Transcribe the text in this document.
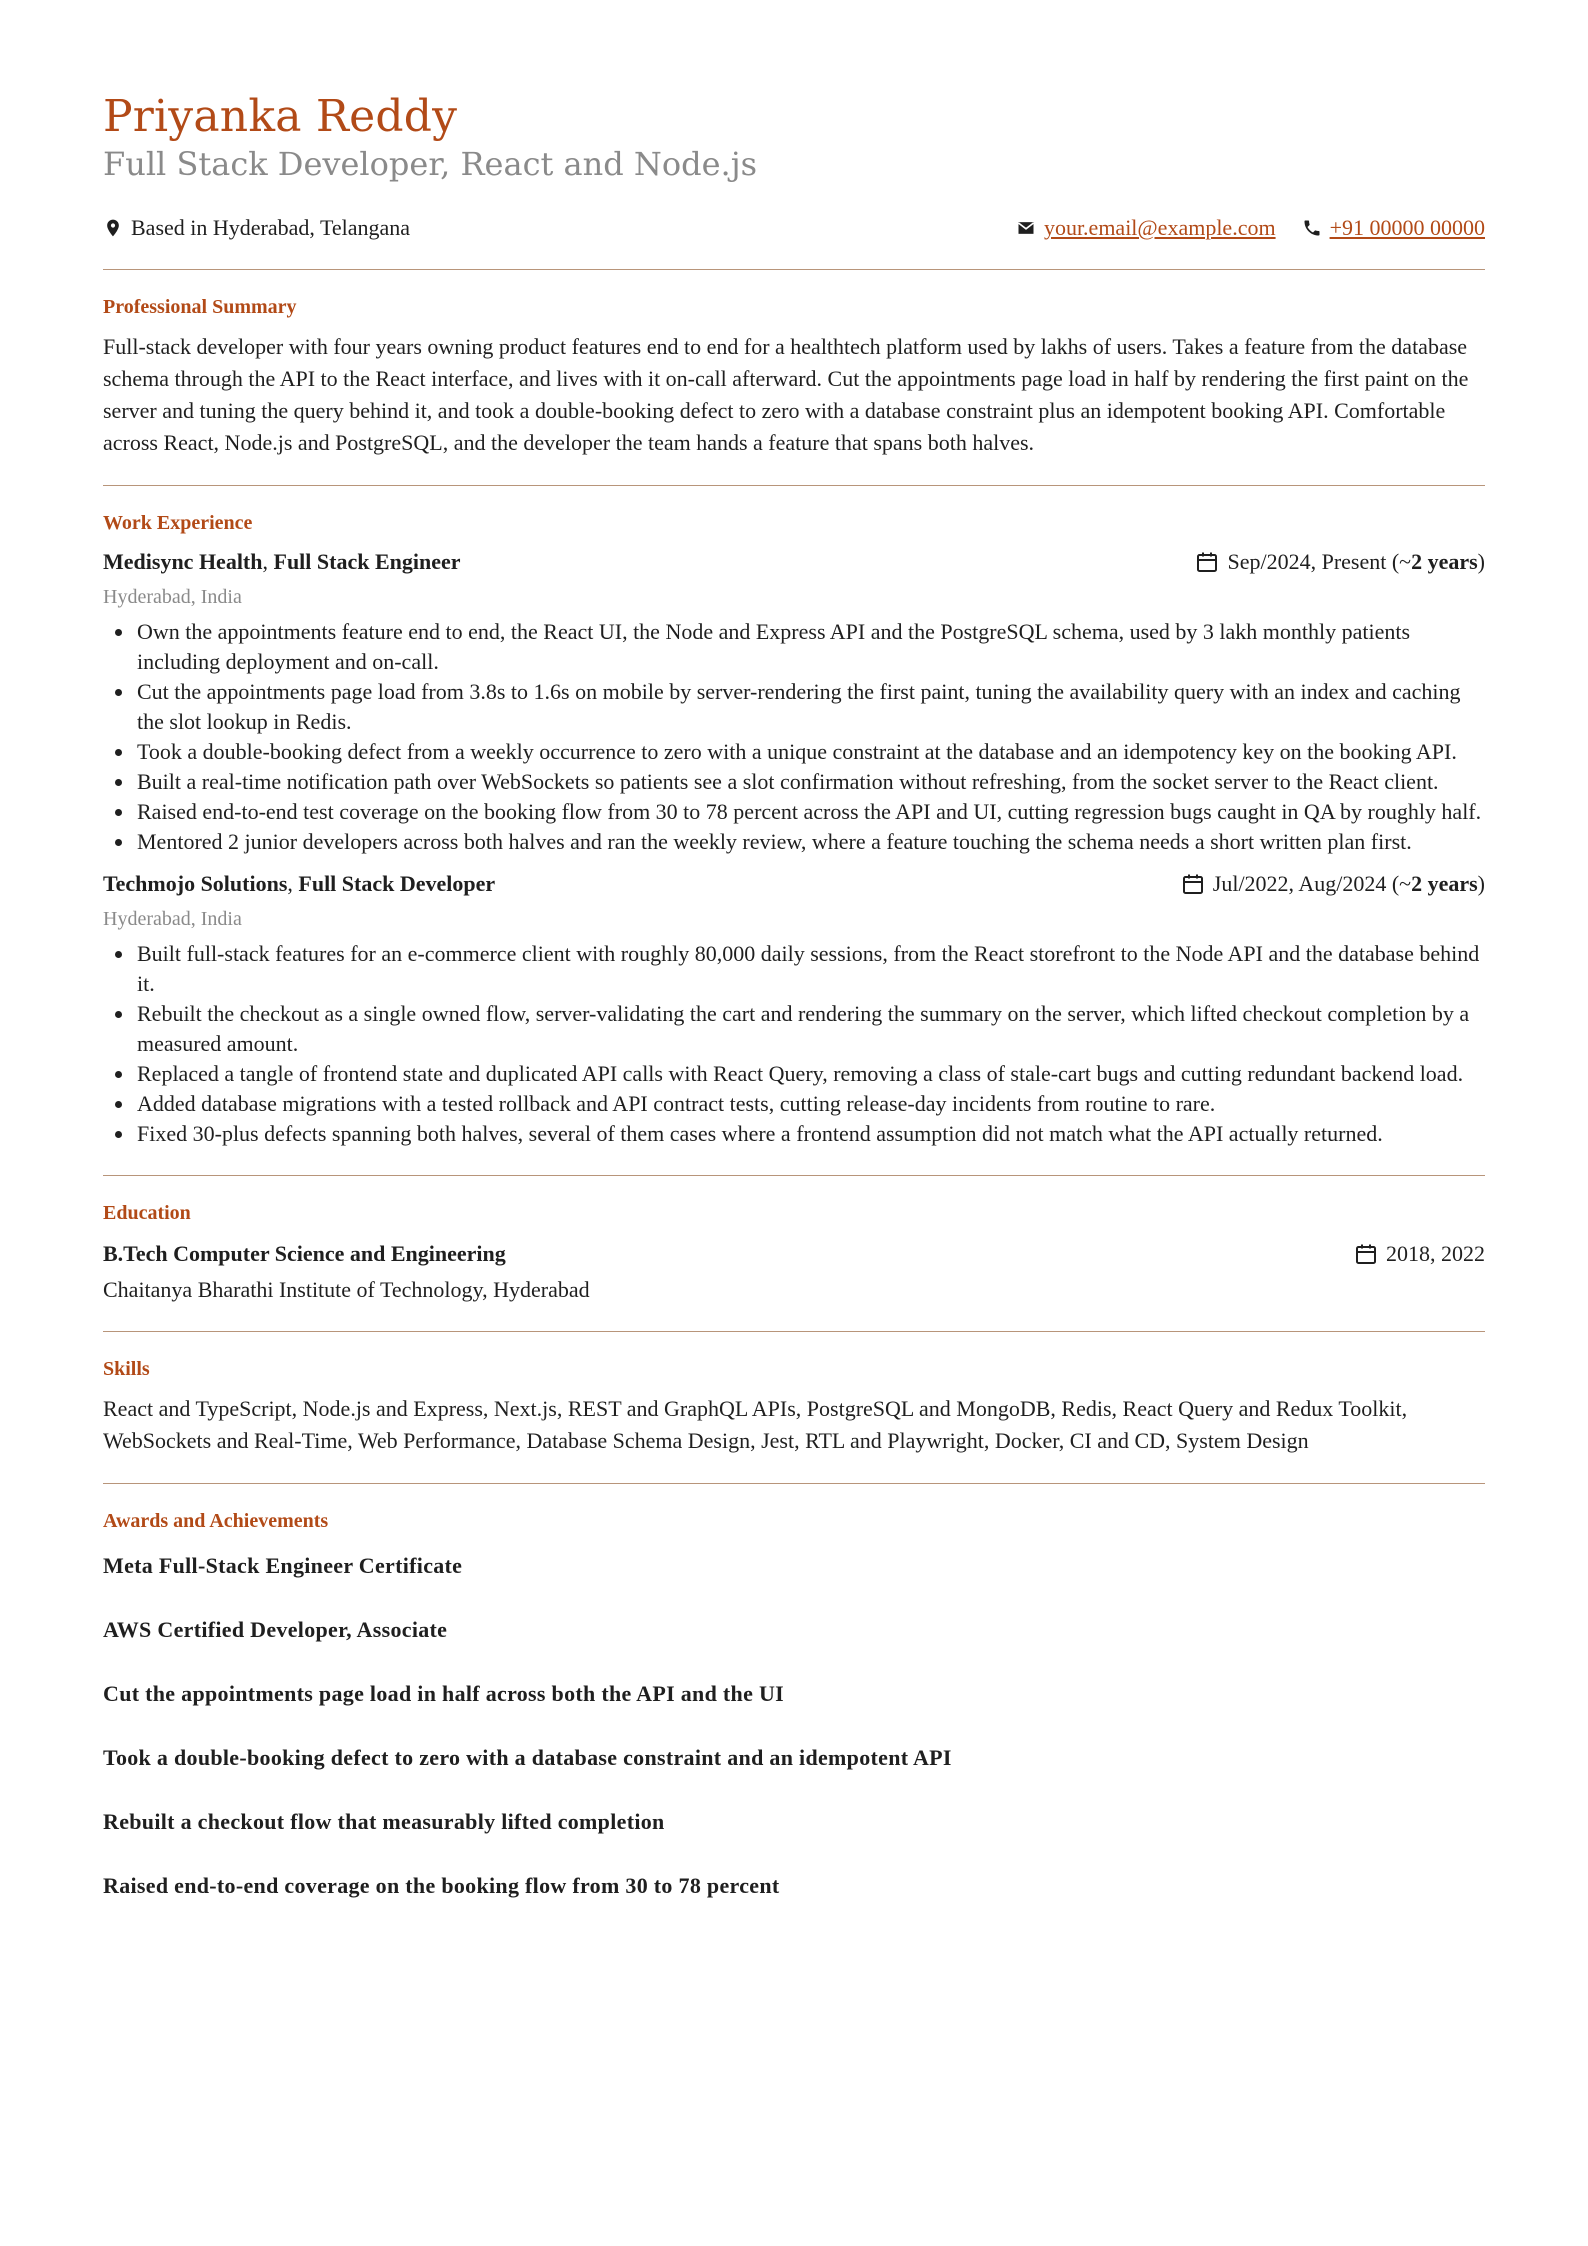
Priyanka Reddy
Full Stack Developer, React and Node.js
Based in Hyderabad, Telangana	your.email@example.com +91 00000 00000
Professional Summary

Full-stack developer with four years owning product features end to end for a healthtech platform used by lakhs of users. Takes a feature from the database schema through the API to the React interface, and lives with it on-call afterward. Cut the appointments page load in half by rendering the first paint on the server and tuning the query behind it, and took a double-booking defect to zero with a database constraint plus an idempotent booking API. Comfortable across React, Node.js and PostgreSQL, and the developer the team hands a feature that spans both halves.

Work Experience
Medisync Health, Full Stack Engineer	Sep/2024, Present (~ 2 years )
Hyderabad, India
Own the appointments feature end to end, the React UI, the Node and Express API and the PostgreSQL schema, used by 3 lakh monthly patients including deployment and on-call.
Cut the appointments page load from 3.8s to 1.6s on mobile by server-rendering the first paint, tuning the availability query with an index and caching the slot lookup in Redis.
Took a double-booking defect from a weekly occurrence to zero with a unique constraint at the database and an idempotency key on the booking API.
Built a real-time notification path over WebSockets so patients see a slot confirmation without refreshing, from the socket server to the React client.
Raised end-to-end test coverage on the booking flow from 30 to 78 percent across the API and UI, cutting regression bugs caught in QA by roughly half.
Mentored 2 junior developers across both halves and ran the weekly review, where a feature touching the schema needs a short written plan first.
Techmojo Solutions, Full Stack Developer	Jul/2022, Aug/2024 (~ 2 years )
Hyderabad, India
Built full-stack features for an e-commerce client with roughly 80,000 daily sessions, from the React storefront to the Node API and the database behind it.
Rebuilt the checkout as a single owned flow, server-validating the cart and rendering the summary on the server, which lifted checkout completion by a measured amount.
Replaced a tangle of frontend state and duplicated API calls with React Query, removing a class of stale-cart bugs and cutting redundant backend load.
Added database migrations with a tested rollback and API contract tests, cutting release-day incidents from routine to rare.
Fixed 30-plus defects spanning both halves, several of them cases where a frontend assumption did not match what the API actually returned.
Education
B.Tech Computer Science and Engineering	2018, 2022
Chaitanya Bharathi Institute of Technology, Hyderabad
Skills

React and TypeScript, Node.js and Express, Next.js, REST and GraphQL APIs, PostgreSQL and MongoDB, Redis, React Query and Redux Toolkit, WebSockets and Real-Time, Web Performance, Database Schema Design, Jest, RTL and Playwright, Docker, CI and CD, System Design

Awards and Achievements
Meta Full-Stack Engineer Certificate
AWS Certified Developer, Associate
Cut the appointments page load in half across both the API and the UI
Took a double-booking defect to zero with a database constraint and an idempotent API
Rebuilt a checkout flow that measurably lifted completion
Raised end-to-end coverage on the booking flow from 30 to 78 percent
